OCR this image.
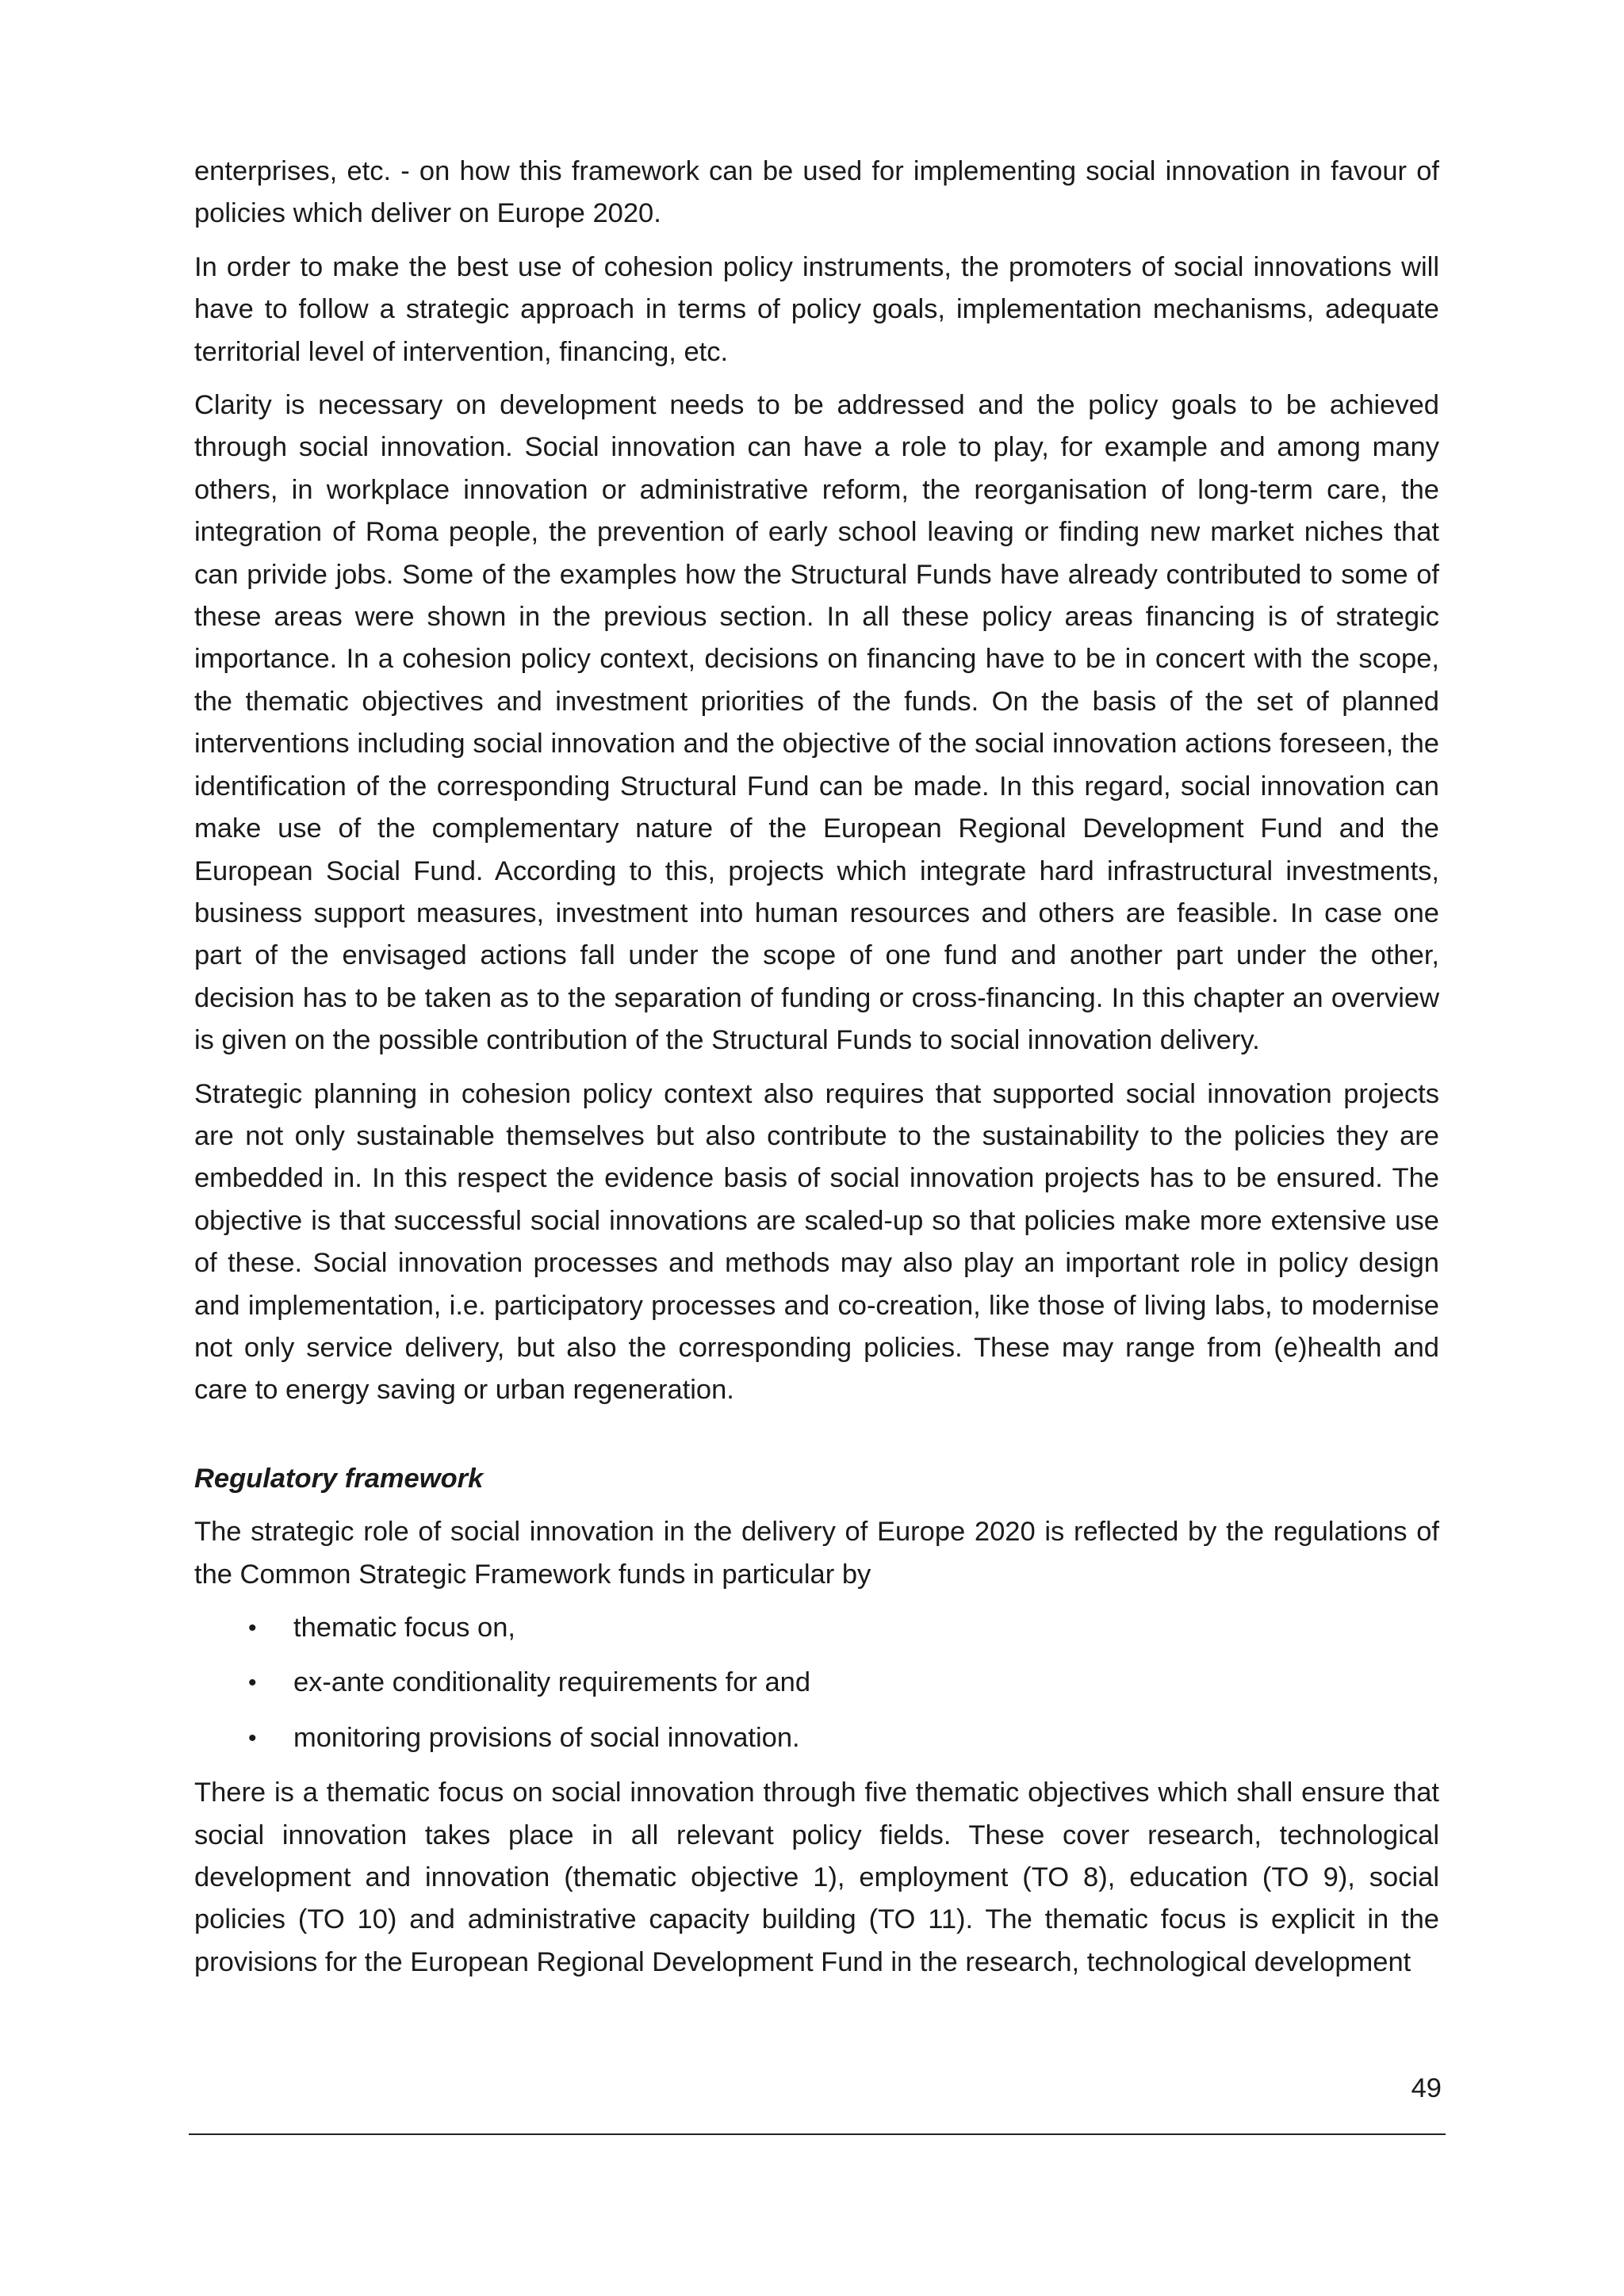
enterprises, etc. - on how this framework can be used for implementing social innovation in favour of policies which deliver on Europe 2020.

In order to make the best use of cohesion policy instruments, the promoters of social innovations will have to follow a strategic approach in terms of policy goals, implementation mechanisms, adequate territorial level of intervention, financing, etc.

Clarity is necessary on development needs to be addressed and the policy goals to be achieved through social innovation. Social innovation can have a role to play, for example and among many others, in workplace innovation or administrative reform, the reorganisation of long-term care, the integration of Roma people, the prevention of early school leaving or finding new market niches that can privide jobs. Some of the examples how the Structural Funds have already contributed to some of these areas were shown in the previous section. In all these policy areas financing is of strategic importance. In a cohesion policy context, decisions on financing have to be in concert with the scope, the thematic objectives and investment priorities of the funds. On the basis of the set of planned interventions including social innovation and the objective of the social innovation actions foreseen, the identification of the corresponding Structural Fund can be made. In this regard, social innovation can make use of the complementary nature of the European Regional Development Fund and the European Social Fund. According to this, projects which integrate hard infrastructural investments, business support measures, investment into human resources and others are feasible. In case one part of the envisaged actions fall under the scope of one fund and another part under the other, decision has to be taken as to the separation of funding or cross-financing. In this chapter an overview is given on the possible contribution of the Structural Funds to social innovation delivery.

Strategic planning in cohesion policy context also requires that supported social innovation projects are not only sustainable themselves but also contribute to the sustainability to the policies they are embedded in. In this respect the evidence basis of social innovation projects has to be ensured. The objective is that successful social innovations are scaled-up so that policies make more extensive use of these. Social innovation processes and methods may also play an important role in policy design and implementation, i.e. participatory processes and co-creation, like those of living labs, to modernise not only service delivery, but also the corresponding policies. These may range from (e)health and care to energy saving or urban regeneration.

Regulatory framework

The strategic role of social innovation in the delivery of Europe 2020 is reflected by the regulations of the Common Strategic Framework funds in particular by

• thematic focus on,
• ex-ante conditionality requirements for and
• monitoring provisions of social innovation.

There is a thematic focus on social innovation through five thematic objectives which shall ensure that social innovation takes place in all relevant policy fields. These cover research, technological development and innovation (thematic objective 1), employment (TO 8), education (TO 9), social policies (TO 10) and administrative capacity building (TO 11). The thematic focus is explicit in the provisions for the European Regional Development Fund in the research, technological development

49
